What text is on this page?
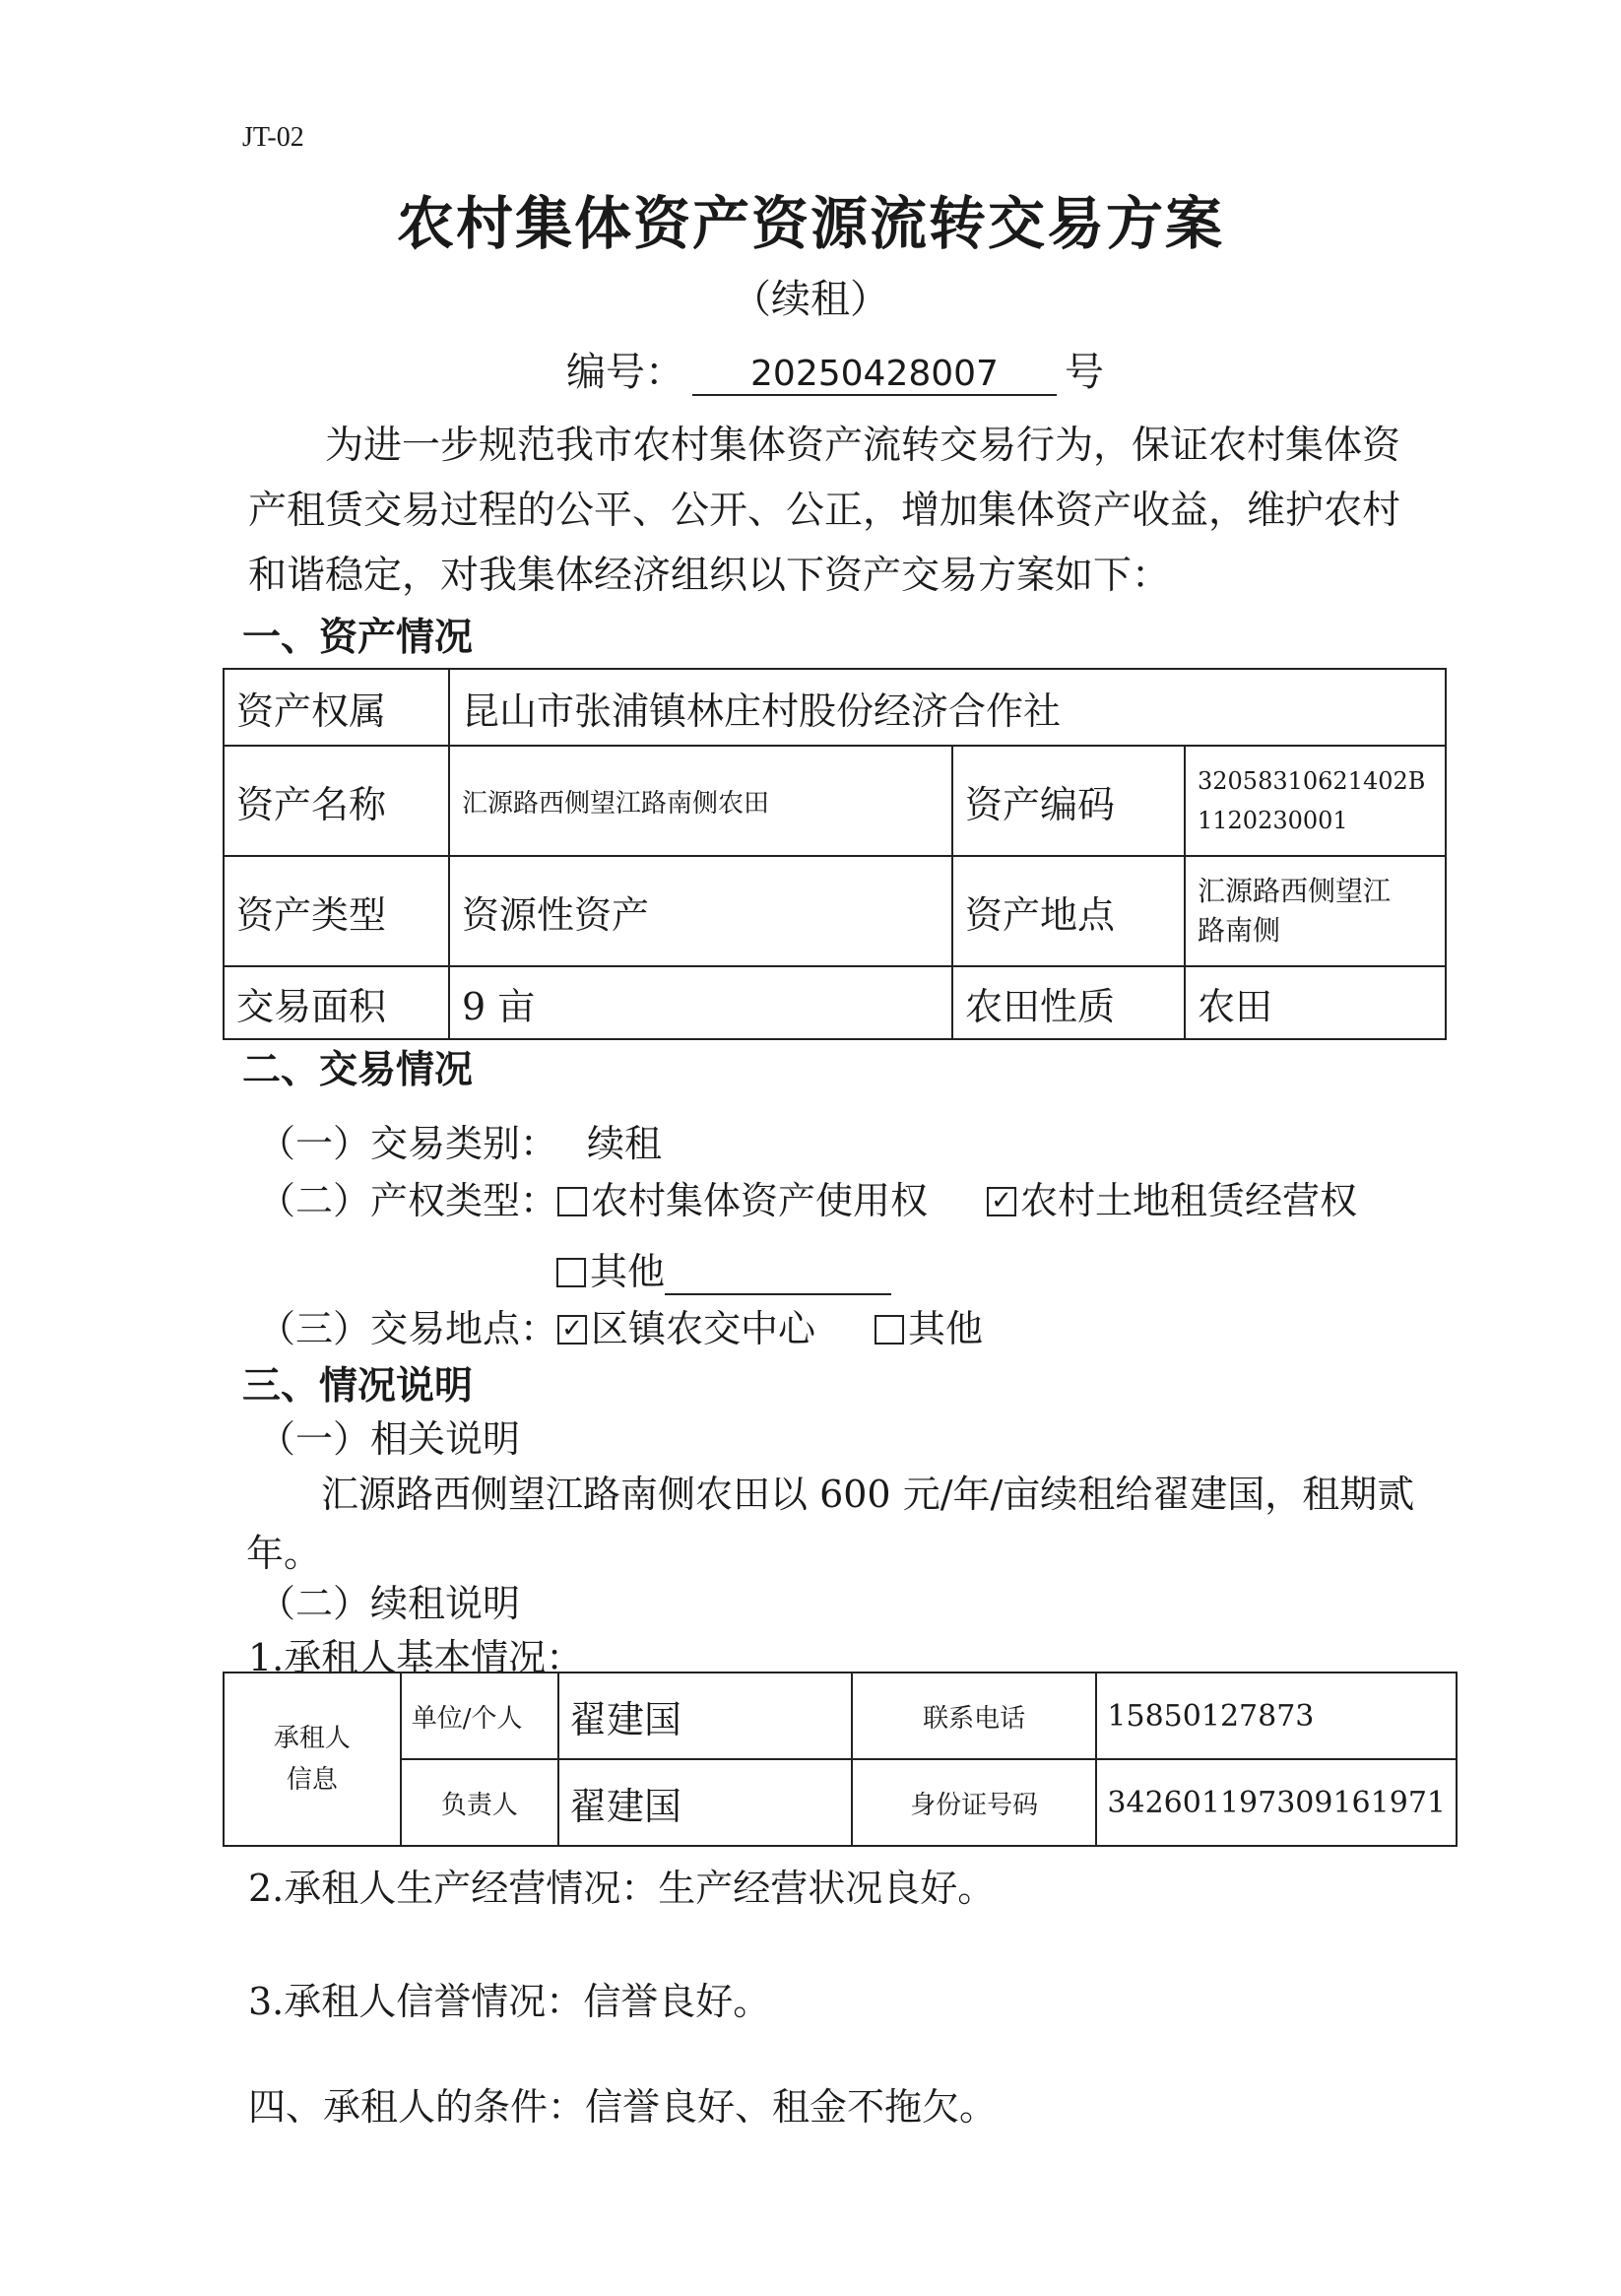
JT-02
农村集体资产资源流转交易方案
（续租）
编号： 20250428007 号
为进一步规范我市农村集体资产流转交易行为，保证农村集体资产租赁交易过程的公平、公开、公正，增加集体资产收益，维护农村和谐稳定，对我集体经济组织以下资产交易方案如下：
一、资产情况
资产权属	昆山市张浦镇林庄村股份经济合作社		
资产名称	汇源路西侧望江路南侧农田	资产编码	32058310621402B
1120230001

资产类型	资源性资产	资产地点	汇源路西侧望江
路南侧

交易面积	9 亩	农田性质	农田
二、交易情况
（一）交易类别： 续租
（二）产权类型： 农村集体资产使用权 ✓ 农村土地租赁经营权
其他
（三）交易地点： ✓ 区镇农交中心 其他
三、情况说明
（一）相关说明
汇源路西侧望江路南侧农田以 600 元/年/亩续租给翟建国，租期贰
年。
（二）续租说明
1.承租人基本情况：
承租人
信息	单位/个人	翟建国	联系电话	15850127873
	负责人	翟建国	身份证号码	342601197309161971
2.承租人生产经营情况：生产经营状况良好。
3.承租人信誉情况：信誉良好。
四、承租人的条件：信誉良好、租金不拖欠。
